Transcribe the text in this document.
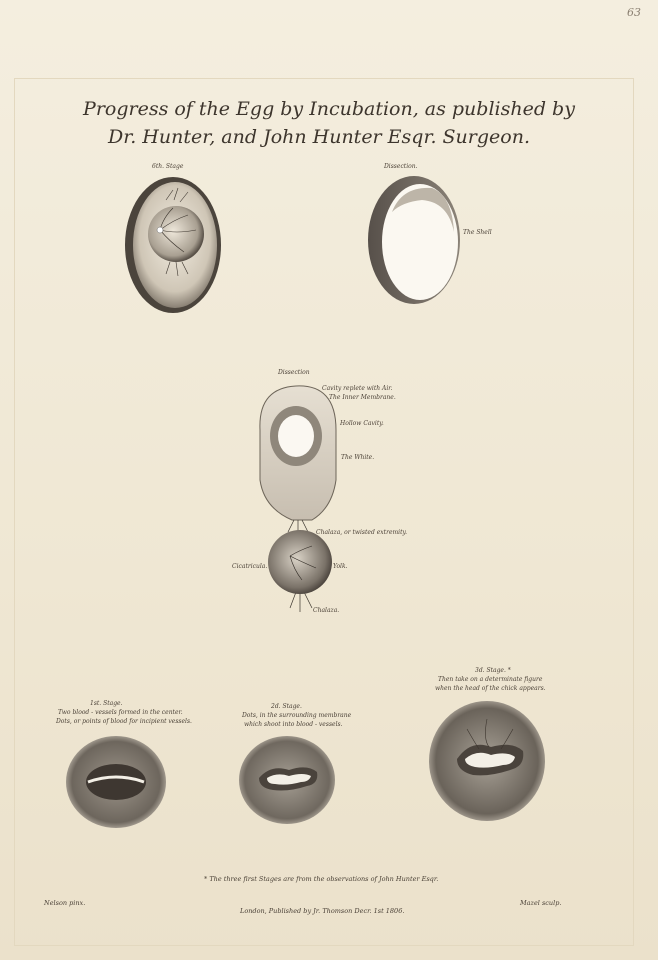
63
Progress of the Egg by Incubation, as published by
Dr. Hunter, and John Hunter Esqr. Surgeon.
6th. Stage	Dissection.
The Shell
Dissection
Cavity replete with Air.
The Inner Membrane.
Hollow Cavity.
The White.
Chalaza, or twisted extremity.
Cicatricula.	Yolk.
Chalaza.
1st. Stage.
Two blood - vessels formed in the center.
Dots, or points of blood for incipient vessels.
2d. Stage.
Dots, in the surrounding membrane
which shoot into blood - vessels.
3d. Stage. *
Then take on a determinate figure
when the head of the chick appears.
* The three first Stages are from the observations of John Hunter Esqr.
Nelson pinx.	Mazel sculp.
London, Published by Jr. Thomson Decr. 1st 1806.
